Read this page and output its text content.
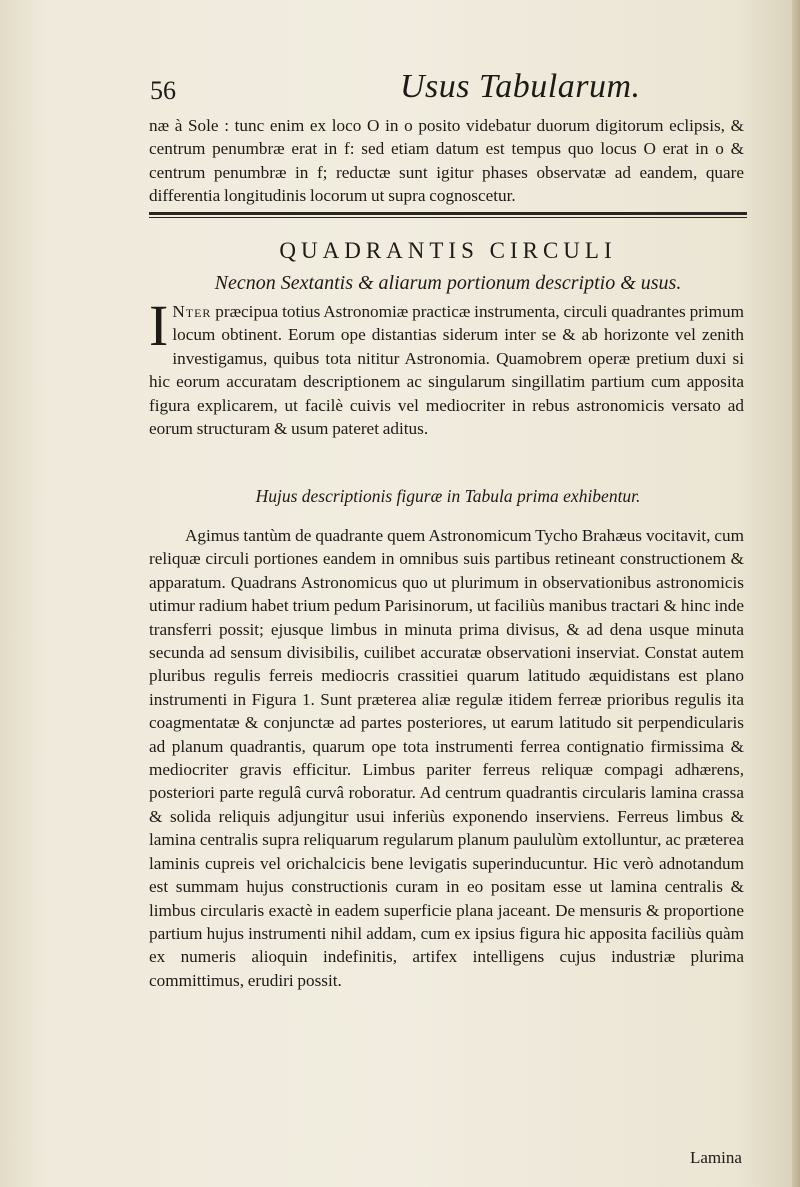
56	Usus Tabularum.
næ à Sole : tunc enim ex loco O in o posito videbatur duorum digitorum eclipsis, & centrum penumbræ erat in f: sed etiam datum est tempus quo locus O erat in o & centrum penumbræ in f; reductæ sunt igitur phases observatæ ad eandem, quare differentia longitudinis locorum ut supra cognoscetur.
QUADRANTIS CIRCULI
Necnon Sextantis & aliarum portionum descriptio & usus.
I Nter præcipua totius Astronomiæ practicæ instrumenta, circuli quadrantes primum locum obtinent. Eorum ope distantias siderum inter se & ab horizonte vel zenith investigamus, quibus tota nititur Astronomia. Quamobrem operæ pretium duxi si hic eorum accuratam descriptionem ac singularum singillatim partium cum apposita figura explicarem, ut facilè cuivis vel mediocriter in rebus astronomicis versato ad eorum structuram & usum pateret aditus.
Hujus descriptionis figuræ in Tabula prima exhibentur.
Agimus tantùm de quadrante quem Astronomicum Tycho Brahæus vocitavit, cum reliquæ circuli portiones eandem in omnibus suis partibus retineant constructionem & apparatum. Quadrans Astronomicus quo ut plurimum in observationibus astronomicis utimur radium habet trium pedum Parisinorum, ut faciliùs manibus tractari & hinc inde transferri possit; ejusque limbus in minuta prima divisus, & ad dena usque minuta secunda ad sensum divisibilis, cuilibet accuratæ observationi inserviat. Constat autem pluribus regulis ferreis mediocris crassitiei quarum latitudo æquidistans est plano instrumenti in Figura 1. Sunt præterea aliæ regulæ itidem ferreæ prioribus regulis ita coagmentatæ & conjunctæ ad partes posteriores, ut earum latitudo sit perpendicularis ad planum quadrantis, quarum ope tota instrumenti ferrea contignatio firmissima & mediocriter gravis efficitur. Limbus pariter ferreus reliquæ compagi adhærens, posteriori parte regulâ curvâ roboratur. Ad centrum quadrantis circularis lamina crassa & solida reliquis adjungitur usui inferiùs exponendo inserviens. Ferreus limbus & lamina centralis supra reliquarum regularum planum paululùm extolluntur, ac præterea laminis cupreis vel orichalcicis bene levigatis superinducuntur. Hic verò adnotandum est summam hujus constructionis curam in eo positam esse ut lamina centralis & limbus circularis exactè in eadem superficie plana jaceant. De mensuris & proportione partium hujus instrumenti nihil addam, cum ex ipsius figura hic apposita faciliùs quàm ex numeris alioquin indefinitis, artifex intelligens cujus industriæ plurima committimus, erudiri possit.
Lamina
